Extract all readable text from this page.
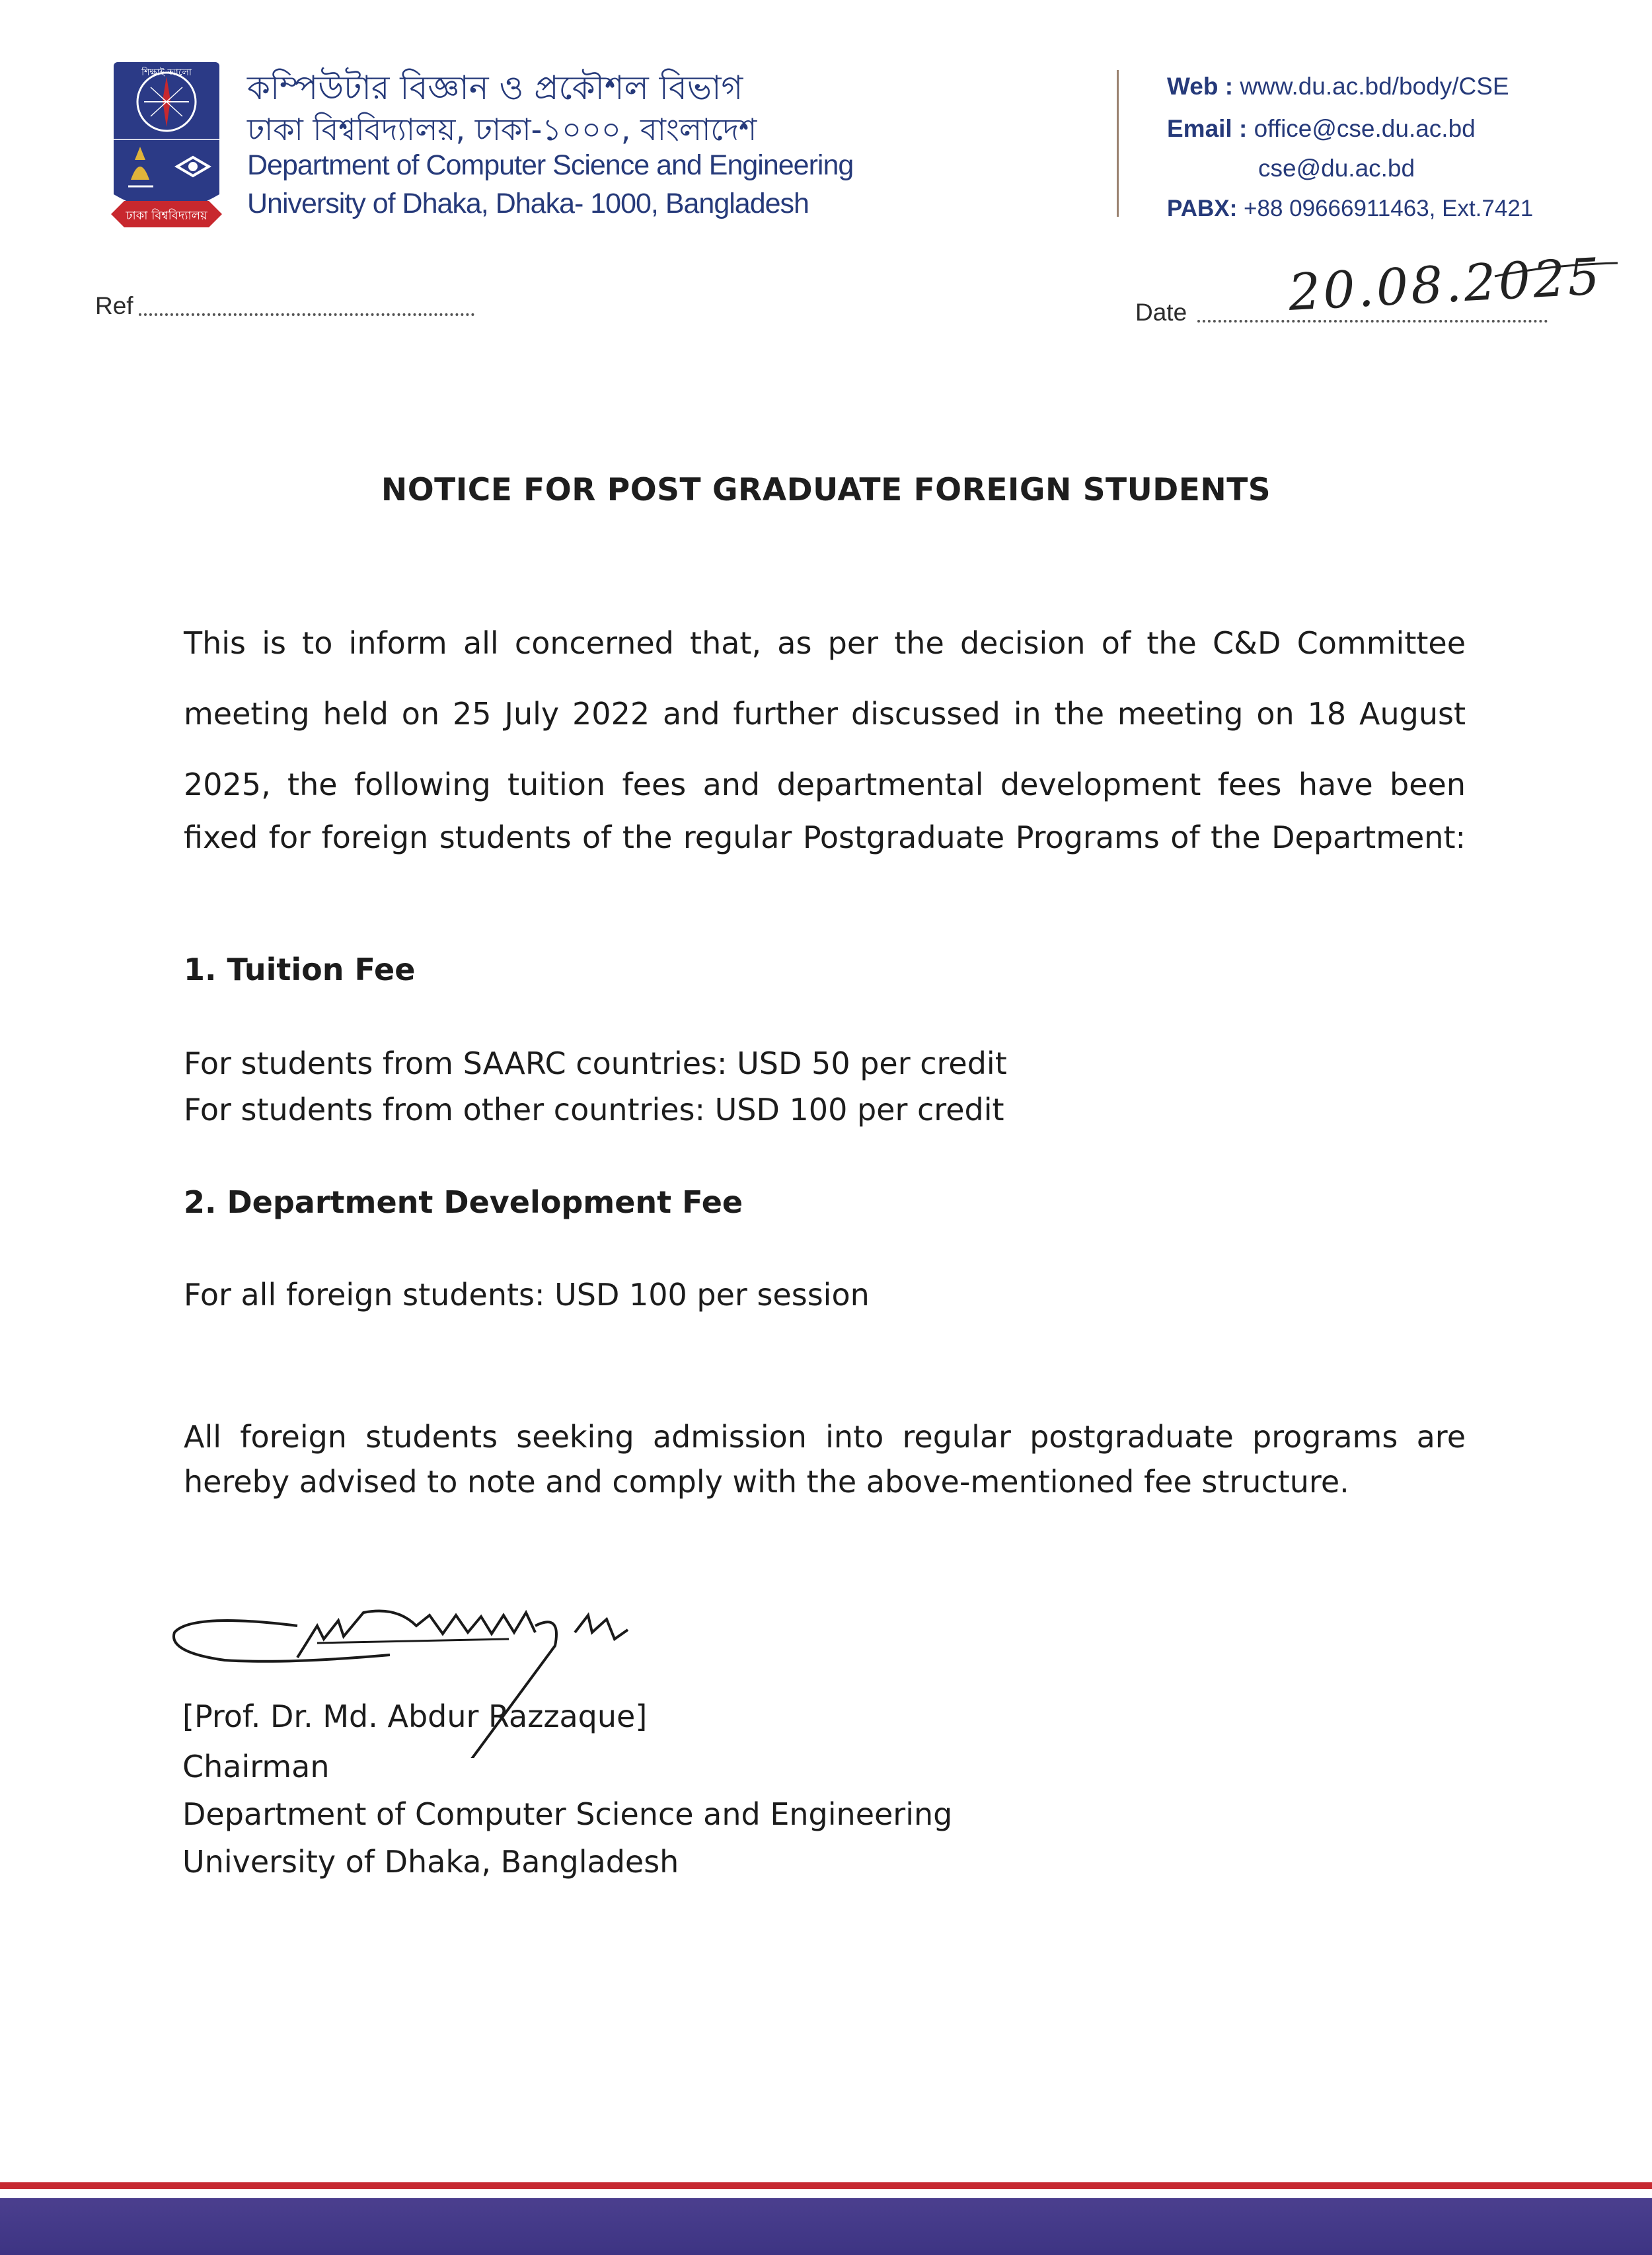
ঢাকা বিশ্ববিদ্যালয়
শিক্ষাই আলো কম্পিউটার বিজ্ঞান ও প্রকৌশল বিভাগ
ঢাকা বিশ্ববিদ্যালয়, ঢাকা-১০০০, বাংলাদেশ
Department of Computer Science and Engineering
University of Dhaka, Dhaka- 1000, Bangladesh
Web : www.du.ac.bd/body/CSE
Email : office@cse.du.ac.bd
cse@du.ac.bd
PABX: +88 09666911463, Ext.7421
Ref	Date 20.08.2025
NOTICE FOR POST GRADUATE FOREIGN STUDENTS
This is to inform all concerned that, as per the decision of the C&D Committee
meeting held on 25 July 2022 and further discussed in the meeting on 18 August
2025, the following tuition fees and departmental development fees have been
fixed for foreign students of the regular Postgraduate Programs of the Department:
1. Tuition Fee
For students from SAARC countries: USD 50 per credit
For students from other countries: USD 100 per credit
2. Department Development Fee
For all foreign students: USD 100 per session
All foreign students seeking admission into regular postgraduate programs are
hereby advised to note and comply with the above-mentioned fee structure.
[Prof. Dr. Md. Abdur Razzaque]
Chairman
Department of Computer Science and Engineering
University of Dhaka, Bangladesh
